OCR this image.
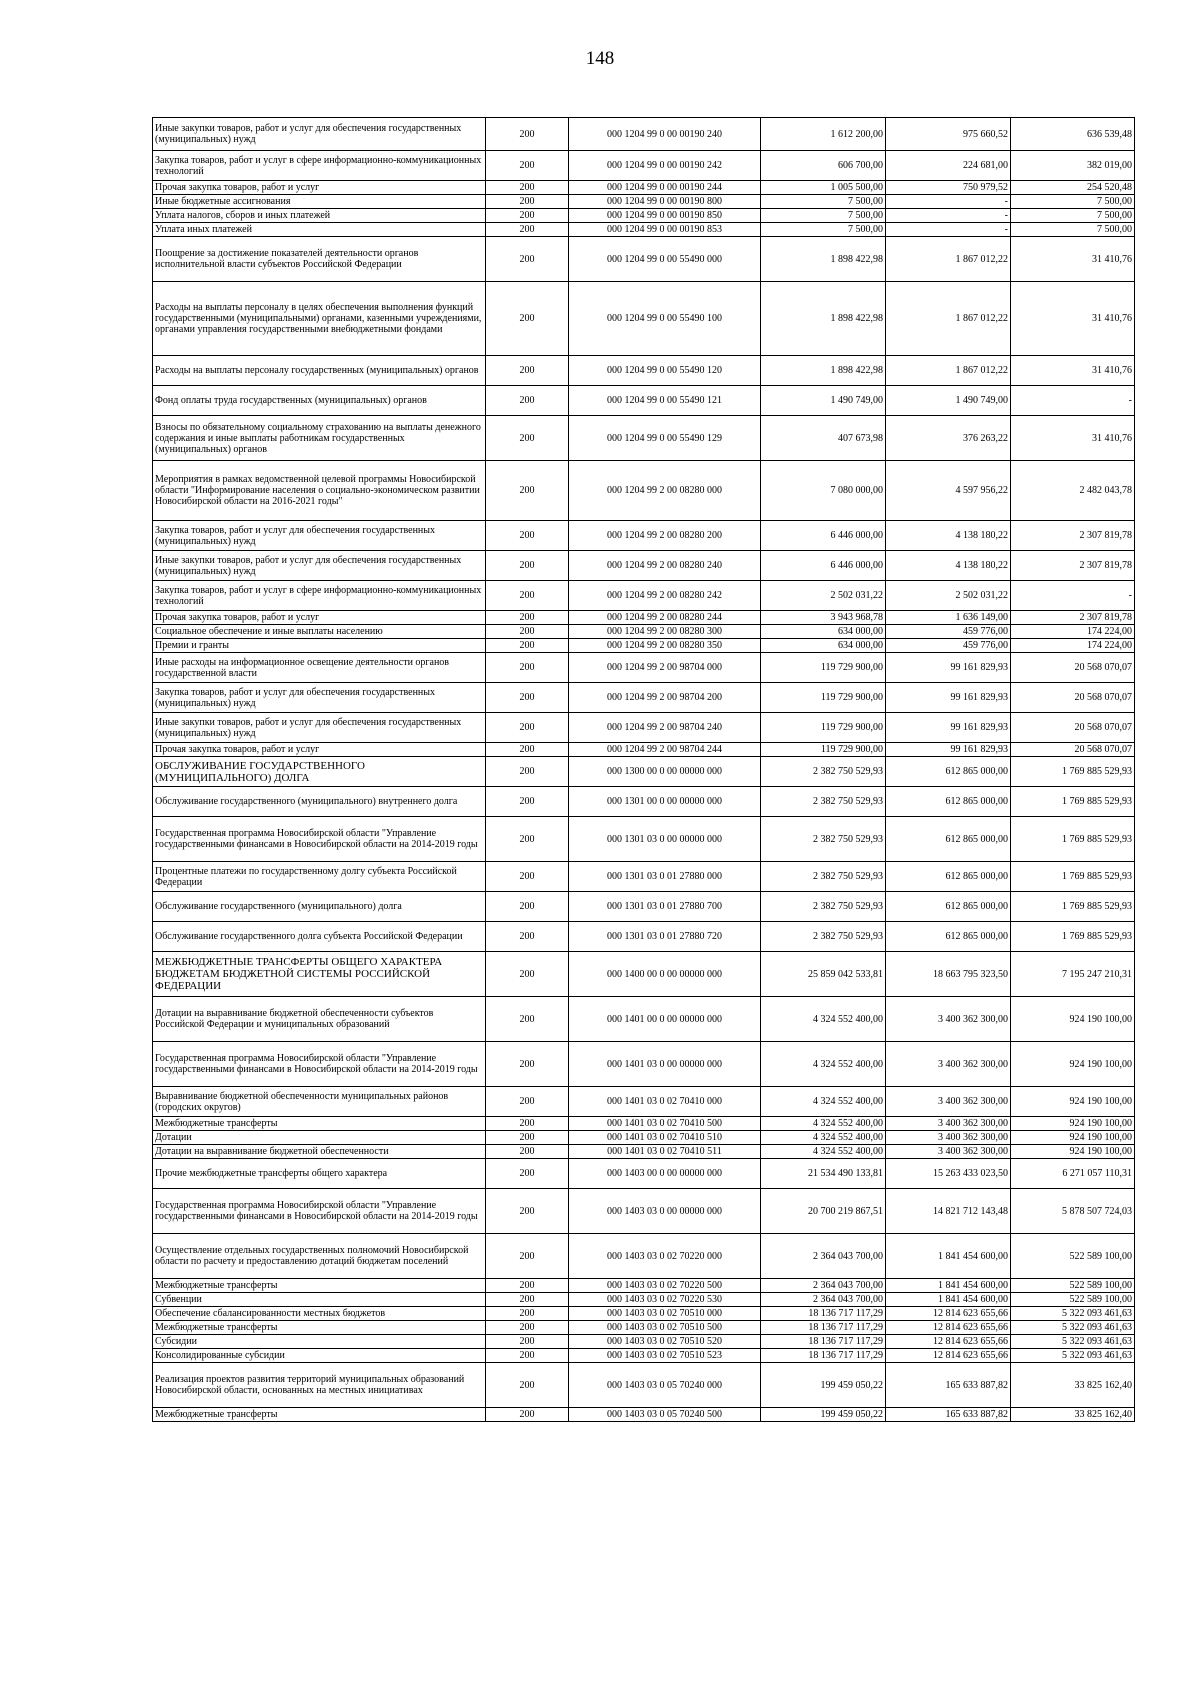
148
Иные закупки товаров, работ и услуг для обеспечения государственных (муниципальных) нужд	200	000 1204 99 0 00 00190 240	1 612 200,00	975 660,52	636 539,48
Закупка товаров, работ и услуг в сфере информационно-коммуникационных технологий	200	000 1204 99 0 00 00190 242	606 700,00	224 681,00	382 019,00
Прочая закупка товаров, работ и услуг	200	000 1204 99 0 00 00190 244	1 005 500,00	750 979,52	254 520,48
Иные бюджетные ассигнования	200	000 1204 99 0 00 00190 800	7 500,00	-	7 500,00
Уплата налогов, сборов и иных платежей	200	000 1204 99 0 00 00190 850	7 500,00	-	7 500,00
Уплата иных платежей	200	000 1204 99 0 00 00190 853	7 500,00	-	7 500,00
Поощрение за достижение показателей деятельности органов исполнительной власти субъектов Российской Федерации	200	000 1204 99 0 00 55490 000	1 898 422,98	1 867 012,22	31 410,76
Расходы на выплаты персоналу в целях обеспечения выполнения функций государственными (муниципальными) органами, казенными учреждениями, органами управления государственными внебюджетными фондами	200	000 1204 99 0 00 55490 100	1 898 422,98	1 867 012,22	31 410,76
Расходы на выплаты персоналу государственных (муниципальных) органов	200	000 1204 99 0 00 55490 120	1 898 422,98	1 867 012,22	31 410,76
Фонд оплаты труда государственных (муниципальных) органов	200	000 1204 99 0 00 55490 121	1 490 749,00	1 490 749,00	-
Взносы по обязательному социальному страхованию на выплаты денежного содержания и иные выплаты работникам государственных (муниципальных) органов	200	000 1204 99 0 00 55490 129	407 673,98	376 263,22	31 410,76
Мероприятия в рамках ведомственной целевой программы Новосибирской области "Информирование населения о социально-экономическом развитии Новосибирской области на 2016-2021 годы"	200	000 1204 99 2 00 08280 000	7 080 000,00	4 597 956,22	2 482 043,78
Закупка товаров, работ и услуг для обеспечения государственных (муниципальных) нужд	200	000 1204 99 2 00 08280 200	6 446 000,00	4 138 180,22	2 307 819,78
Иные закупки товаров, работ и услуг для обеспечения государственных (муниципальных) нужд	200	000 1204 99 2 00 08280 240	6 446 000,00	4 138 180,22	2 307 819,78
Закупка товаров, работ и услуг в сфере информационно-коммуникационных технологий	200	000 1204 99 2 00 08280 242	2 502 031,22	2 502 031,22	-
Прочая закупка товаров, работ и услуг	200	000 1204 99 2 00 08280 244	3 943 968,78	1 636 149,00	2 307 819,78
Социальное обеспечение и иные выплаты населению	200	000 1204 99 2 00 08280 300	634 000,00	459 776,00	174 224,00
Премии и гранты	200	000 1204 99 2 00 08280 350	634 000,00	459 776,00	174 224,00
Иные расходы на информационное освещение деятельности органов государственной власти	200	000 1204 99 2 00 98704 000	119 729 900,00	99 161 829,93	20 568 070,07
Закупка товаров, работ и услуг для обеспечения государственных (муниципальных) нужд	200	000 1204 99 2 00 98704 200	119 729 900,00	99 161 829,93	20 568 070,07
Иные закупки товаров, работ и услуг для обеспечения государственных (муниципальных) нужд	200	000 1204 99 2 00 98704 240	119 729 900,00	99 161 829,93	20 568 070,07
Прочая закупка товаров, работ и услуг	200	000 1204 99 2 00 98704 244	119 729 900,00	99 161 829,93	20 568 070,07
ОБСЛУЖИВАНИЕ ГОСУДАРСТВЕННОГО (МУНИЦИПАЛЬНОГО) ДОЛГА	200	000 1300 00 0 00 00000 000	2 382 750 529,93	612 865 000,00	1 769 885 529,93
Обслуживание государственного (муниципального) внутреннего долга	200	000 1301 00 0 00 00000 000	2 382 750 529,93	612 865 000,00	1 769 885 529,93
Государственная программа Новосибирской области "Управление государственными финансами в Новосибирской области на 2014-2019 годы	200	000 1301 03 0 00 00000 000	2 382 750 529,93	612 865 000,00	1 769 885 529,93
Процентные платежи по государственному долгу субъекта Российской Федерации	200	000 1301 03 0 01 27880 000	2 382 750 529,93	612 865 000,00	1 769 885 529,93
Обслуживание государственного (муниципального) долга	200	000 1301 03 0 01 27880 700	2 382 750 529,93	612 865 000,00	1 769 885 529,93
Обслуживание государственного долга субъекта Российской Федерации	200	000 1301 03 0 01 27880 720	2 382 750 529,93	612 865 000,00	1 769 885 529,93
МЕЖБЮДЖЕТНЫЕ ТРАНСФЕРТЫ ОБЩЕГО ХАРАКТЕРА БЮДЖЕТАМ БЮДЖЕТНОЙ СИСТЕМЫ РОССИЙСКОЙ ФЕДЕРАЦИИ	200	000 1400 00 0 00 00000 000	25 859 042 533,81	18 663 795 323,50	7 195 247 210,31
Дотации на выравнивание бюджетной обеспеченности субъектов Российской Федерации и муниципальных образований	200	000 1401 00 0 00 00000 000	4 324 552 400,00	3 400 362 300,00	924 190 100,00
Государственная программа Новосибирской области "Управление государственными финансами в Новосибирской области на 2014-2019 годы	200	000 1401 03 0 00 00000 000	4 324 552 400,00	3 400 362 300,00	924 190 100,00
Выравнивание бюджетной обеспеченности муниципальных районов (городских округов)	200	000 1401 03 0 02 70410 000	4 324 552 400,00	3 400 362 300,00	924 190 100,00
Межбюджетные трансферты	200	000 1401 03 0 02 70410 500	4 324 552 400,00	3 400 362 300,00	924 190 100,00
Дотации	200	000 1401 03 0 02 70410 510	4 324 552 400,00	3 400 362 300,00	924 190 100,00
Дотации на выравнивание бюджетной обеспеченности	200	000 1401 03 0 02 70410 511	4 324 552 400,00	3 400 362 300,00	924 190 100,00
Прочие межбюджетные трансферты общего характера	200	000 1403 00 0 00 00000 000	21 534 490 133,81	15 263 433 023,50	6 271 057 110,31
Государственная программа Новосибирской области "Управление государственными финансами в Новосибирской области на 2014-2019 годы	200	000 1403 03 0 00 00000 000	20 700 219 867,51	14 821 712 143,48	5 878 507 724,03
Осуществление отдельных государственных полномочий Новосибирской области по расчету и предоставлению дотаций бюджетам поселений	200	000 1403 03 0 02 70220 000	2 364 043 700,00	1 841 454 600,00	522 589 100,00
Межбюджетные трансферты	200	000 1403 03 0 02 70220 500	2 364 043 700,00	1 841 454 600,00	522 589 100,00
Субвенции	200	000 1403 03 0 02 70220 530	2 364 043 700,00	1 841 454 600,00	522 589 100,00
Обеспечение сбалансированности местных бюджетов	200	000 1403 03 0 02 70510 000	18 136 717 117,29	12 814 623 655,66	5 322 093 461,63
Межбюджетные трансферты	200	000 1403 03 0 02 70510 500	18 136 717 117,29	12 814 623 655,66	5 322 093 461,63
Субсидии	200	000 1403 03 0 02 70510 520	18 136 717 117,29	12 814 623 655,66	5 322 093 461,63
Консолидированные субсидии	200	000 1403 03 0 02 70510 523	18 136 717 117,29	12 814 623 655,66	5 322 093 461,63
Реализация проектов развития территорий муниципальных образований Новосибирской области, основанных на местных инициативах	200	000 1403 03 0 05 70240 000	199 459 050,22	165 633 887,82	33 825 162,40
Межбюджетные трансферты	200	000 1403 03 0 05 70240 500	199 459 050,22	165 633 887,82	33 825 162,40
